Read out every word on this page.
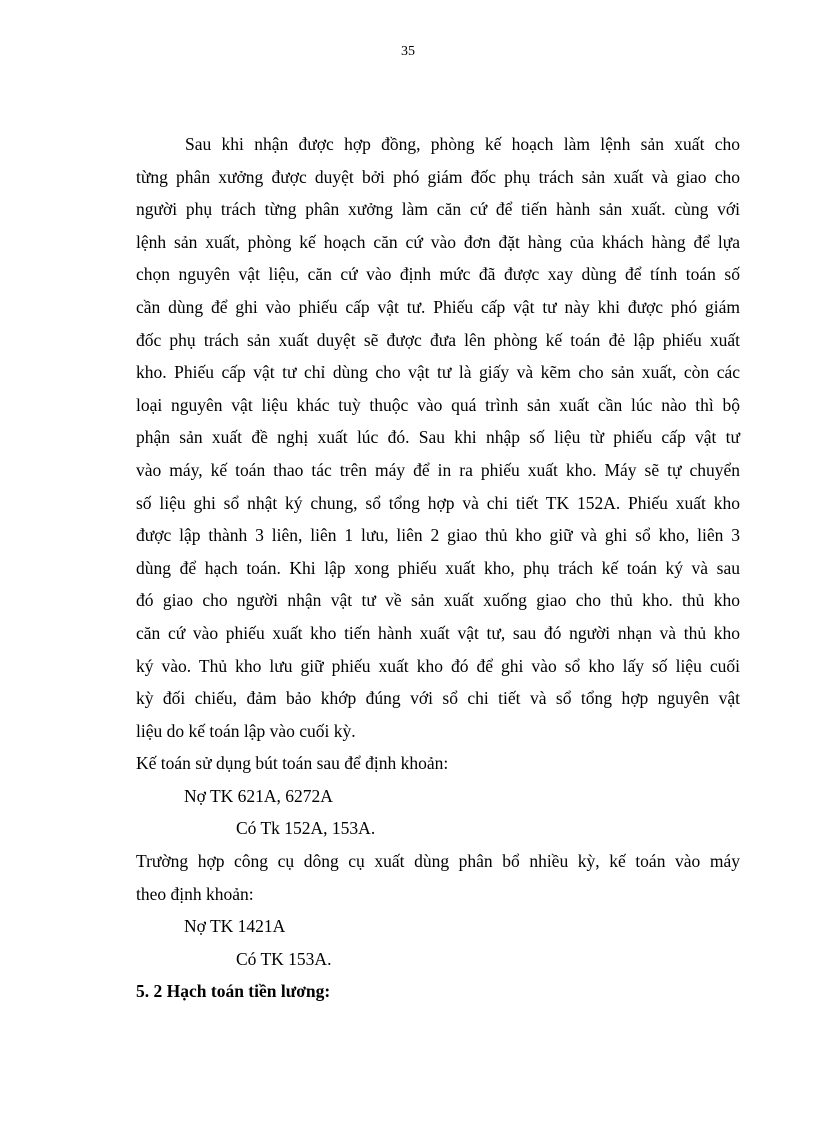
35
Sau khi nhận được hợp đồng, phòng kế hoạch làm lệnh sản xuất cho
từng phân xưởng được duyệt bởi phó giám đốc phụ trách sản xuất và giao cho
người phụ trách từng phân xưởng làm căn cứ để tiến hành sản xuất. cùng với
lệnh sản xuất, phòng kế hoạch căn cứ vào đơn đặt hàng của khách hàng để lựa
chọn nguyên vật liệu, căn cứ vào định mức đã được xay dùng để tính toán số
cần dùng để ghi vào phiếu cấp vật tư. Phiếu cấp vật tư này khi được phó giám
đốc phụ trách sản xuất duyệt sẽ được đưa lên phòng kế toán đẻ lập phiếu xuất
kho. Phiếu cấp vật tư chỉ dùng cho vật tư là giấy và kẽm cho sản xuất, còn các
loại nguyên vật liệu khác tuỳ thuộc vào quá trình sản xuất cần lúc nào thì bộ
phận sản xuất đề nghị xuất lúc đó. Sau khi nhập số liệu từ phiếu cấp vật tư
vào máy, kế toán thao tác trên máy để in ra phiếu xuất kho. Máy sẽ tự chuyển
số liệu ghi sổ nhật ký chung, sổ tổng hợp và chi tiết TK 152A. Phiếu xuất kho
được lập thành 3 liên, liên 1 lưu, liên 2 giao thủ kho giữ và ghi sổ kho, liên 3
dùng để hạch toán. Khi lập xong phiếu xuất kho, phụ trách kế toán ký và sau
đó giao cho người nhận vật tư về sản xuất xuống giao cho thủ kho. thủ kho
căn cứ vào phiếu xuất kho tiến hành xuất vật tư, sau đó người nhạn và thủ kho
ký vào. Thủ kho lưu giữ phiếu xuất kho đó để ghi vào sổ kho lấy số liệu cuối
kỳ đối chiếu, đảm bảo khớp đúng với sổ chi tiết và sổ tổng hợp nguyên vật
liệu do kế toán lập vào cuối kỳ.
Kế toán sử dụng bút toán sau để định khoản:
Nợ TK 621A, 6272A
Có Tk 152A, 153A.
Trường hợp công cụ dông cụ xuất dùng phân bổ nhiều kỳ, kế toán vào máy
theo định khoản:
Nợ TK 1421A
Có TK 153A.
5. 2 Hạch toán tiền lương:
